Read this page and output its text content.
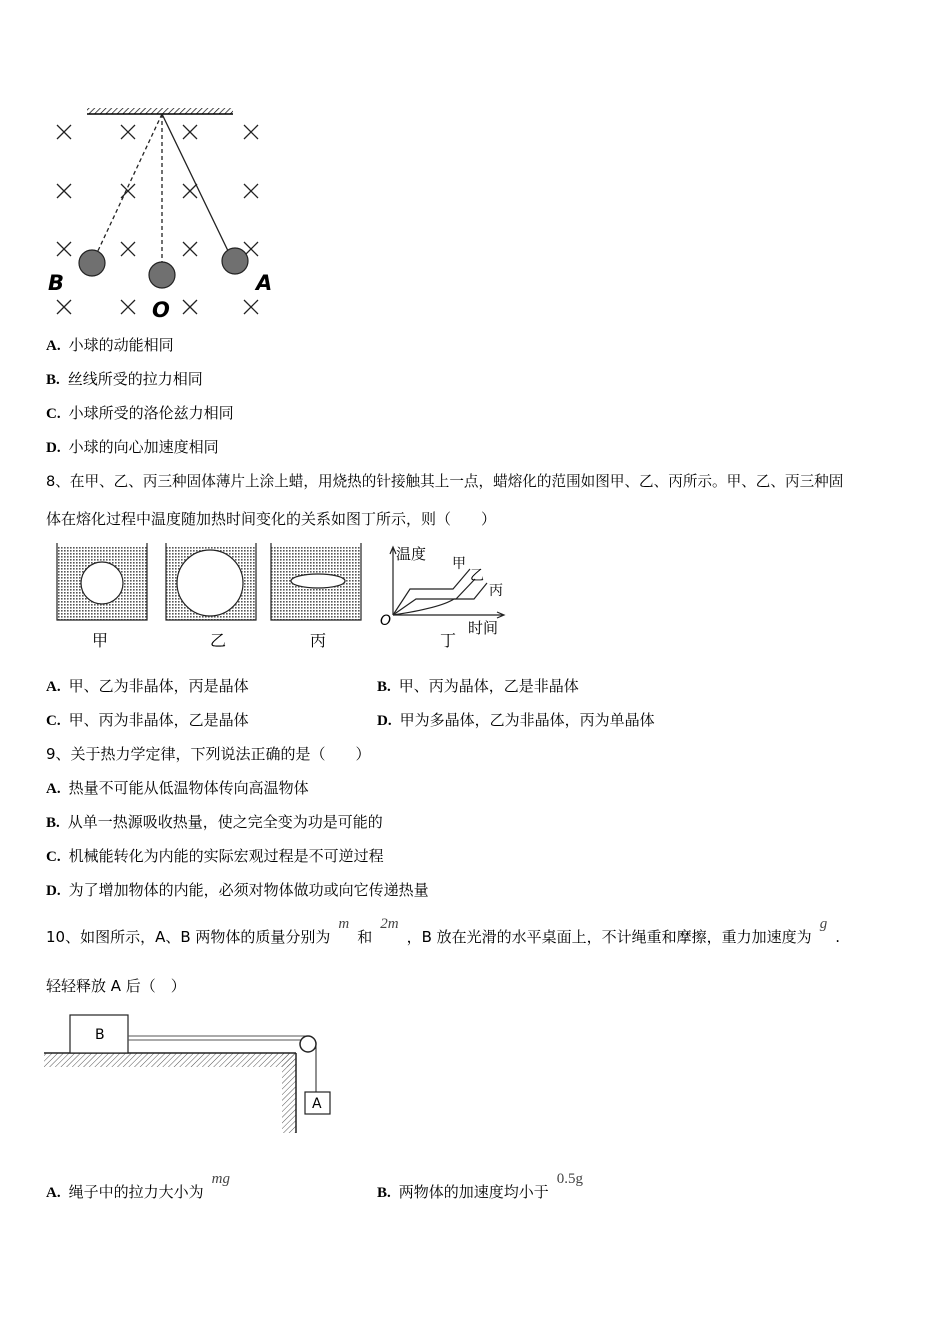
B
O
A
A. 小球的动能相同
B. 丝线所受的拉力相同
C. 小球所受的洛伦兹力相同
D. 小球的向心加速度相同
8、在甲、乙、丙三种固体薄片上涂上蜡，用烧热的针接触其上一点，蜡熔化的范围如图甲、乙、丙所示。甲、乙、丙三种固
体在熔化过程中温度随加热时间变化的关系如图丁所示，则（　　）
甲	乙	丙	丁
温度
时间
O
甲
乙
丙
A. 甲、乙为非晶体，丙是晶体	B. 甲、丙为晶体，乙是非晶体
C. 甲、丙为非晶体，乙是晶体	D. 甲为多晶体，乙为非晶体，丙为单晶体
9、关于热力学定律，下列说法正确的是（　　）
A. 热量不可能从低温物体传向高温物体
B. 从单一热源吸收热量，使之完全变为功是可能的
C. 机械能转化为内能的实际宏观过程是不可逆过程
D. 为了增加物体的内能，必须对物体做功或向它传递热量
10、如图所示，A、B 两物体的质量分别为m和2m，B 放在光滑的水平桌面上，不计绳重和摩擦，重力加速度为g.
轻轻释放 A 后（　）
B
A
A. 绳子中的拉力大小为mg
B. 两物体的加速度均小于0.5g
